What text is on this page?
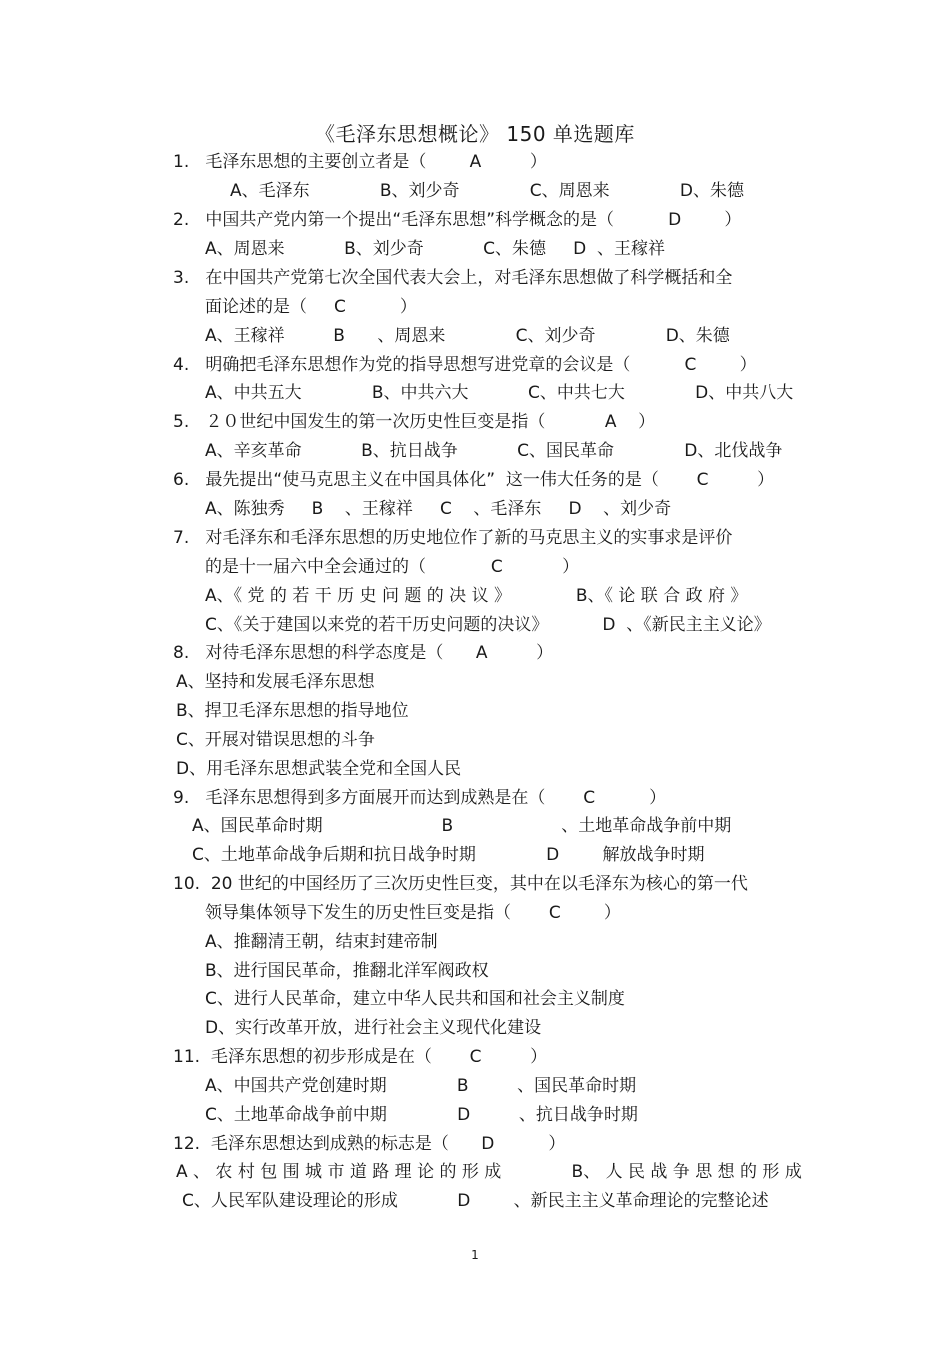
《毛泽东思想概论》 150 单选题库
1.   毛泽东思想的主要创立者是（        A         ）
A、毛泽东             B、刘少奇             C、周恩来             D、朱德
2.   中国共产党内第一个提出“毛泽东思想”科学概念的是（          D        ）
A、周恩来           B、刘少奇           C、朱德     D  、王稼祥
3.   在中国共产党第七次全国代表大会上，对毛泽东思想做了科学概括和全
面论述的是（     C          ）
A、王稼祥         B      、周恩来             C、刘少奇             D、朱德
4.   明确把毛泽东思想作为党的指导思想写进党章的会议是（          C        ）
A、中共五大             B、中共六大           C、中共七大             D、中共八大
5.   ２０世纪中国发生的第一次历史性巨变是指（           A    ）
A、辛亥革命           B、抗日战争           C、国民革命             D、北伐战争
6.   最先提出“使马克思主义在中国具体化”  这一伟大任务的是（       C         ）
A、陈独秀     B    、王稼祥     C    、毛泽东     D    、刘少奇
7.   对毛泽东和毛泽东思想的历史地位作了新的马克思主义的实事求是评价
的是十一届六中全会通过的（            C           ）
A、《 党 的 若 干 历 史 问 题 的 决 议 》            B、《 论 联 合 政 府 》
C、《关于建国以来党的若干历史问题的决议》          D  、《新民主主义论》
8.   对待毛泽东思想的科学态度是（      A         ）
A、坚持和发展毛泽东思想
B、捍卫毛泽东思想的指导地位
C、开展对错误思想的斗争
D、用毛泽东思想武装全党和全国人民
9.   毛泽东思想得到多方面展开而达到成熟是在（       C          ）
A、国民革命时期                      B                    、土地革命战争前中期
C、土地革命战争后期和抗日战争时期             D        解放战争时期
10.  20 世纪的中国经历了三次历史性巨变，其中在以毛泽东为核心的第一代
领导集体领导下发生的历史性巨变是指（       C        ）
A、推翻清王朝，结束封建帝制
B、进行国民革命，推翻北洋军阀政权
C、进行人民革命，建立中华人民共和国和社会主义制度
D、实行改革开放，进行社会主义现代化建设
11.  毛泽东思想的初步形成是在（       C         ）
A、中国共产党创建时期             B         、国民革命时期
C、土地革命战争前中期             D         、抗日战争时期
12.  毛泽东思想达到成熟的标志是（      D          ）
A 、 农 村 包 围 城 市 道 路 理 论 的 形 成             B、 人 民 战 争 思 想 的 形 成
C、人民军队建设理论的形成           D        、新民主主义革命理论的完整论述
1
